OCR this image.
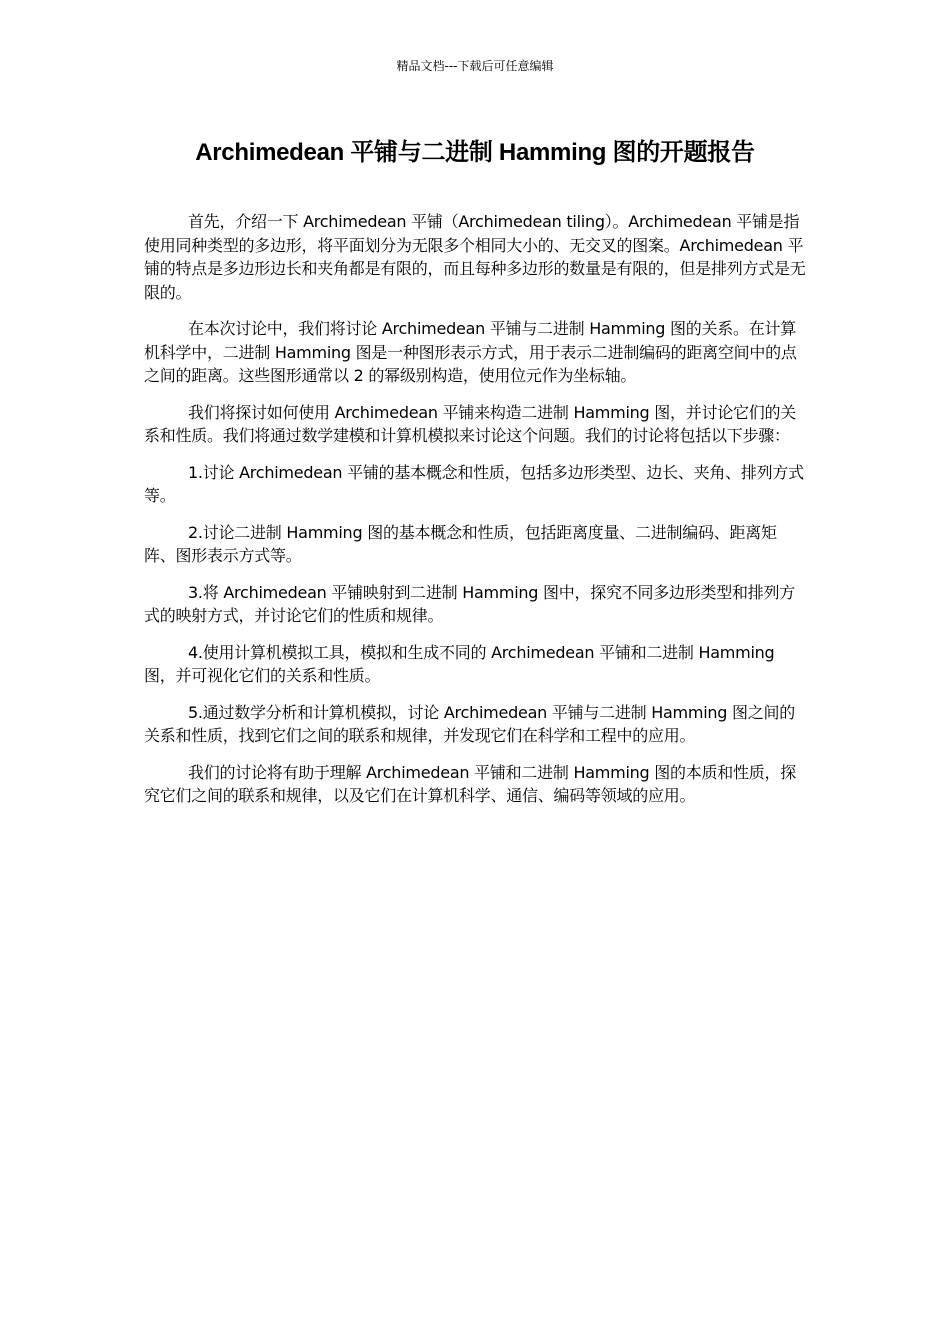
精品文档---下载后可任意编辑
Archimedean 平铺与二进制 Hamming 图的开题报告

首先，介绍一下 Archimedean 平铺（Archimedean tiling）。Archimedean 平铺是指使用同种类型的多边形，将平面划分为无限多个相同大小的、无交叉的图案。Archimedean 平铺的特点是多边形边长和夹角都是有限的，而且每种多边形的数量是有限的，但是排列方式是无限的。

在本次讨论中，我们将讨论 Archimedean 平铺与二进制 Hamming 图的关系。在计算机科学中，二进制 Hamming 图是一种图形表示方式，用于表示二进制编码的距离空间中的点之间的距离。这些图形通常以 2 的幂级别构造，使用位元作为坐标轴。

我们将探讨如何使用 Archimedean 平铺来构造二进制 Hamming 图，并讨论它们的关系和性质。我们将通过数学建模和计算机模拟来讨论这个问题。我们的讨论将包括以下步骤：

1.讨论 Archimedean 平铺的基本概念和性质，包括多边形类型、边长、夹角、排列方式等。

2.讨论二进制 Hamming 图的基本概念和性质，包括距离度量、二进制编码、距离矩阵、图形表示方式等。

3.将 Archimedean 平铺映射到二进制 Hamming 图中，探究不同多边形类型和排列方式的映射方式，并讨论它们的性质和规律。

4.使用计算机模拟工具，模拟和生成不同的 Archimedean 平铺和二进制 Hamming 图，并可视化它们的关系和性质。

5.通过数学分析和计算机模拟，讨论 Archimedean 平铺与二进制 Hamming 图之间的关系和性质，找到它们之间的联系和规律，并发现它们在科学和工程中的应用。

我们的讨论将有助于理解 Archimedean 平铺和二进制 Hamming 图的本质和性质，探究它们之间的联系和规律，以及它们在计算机科学、通信、编码等领域的应用。
